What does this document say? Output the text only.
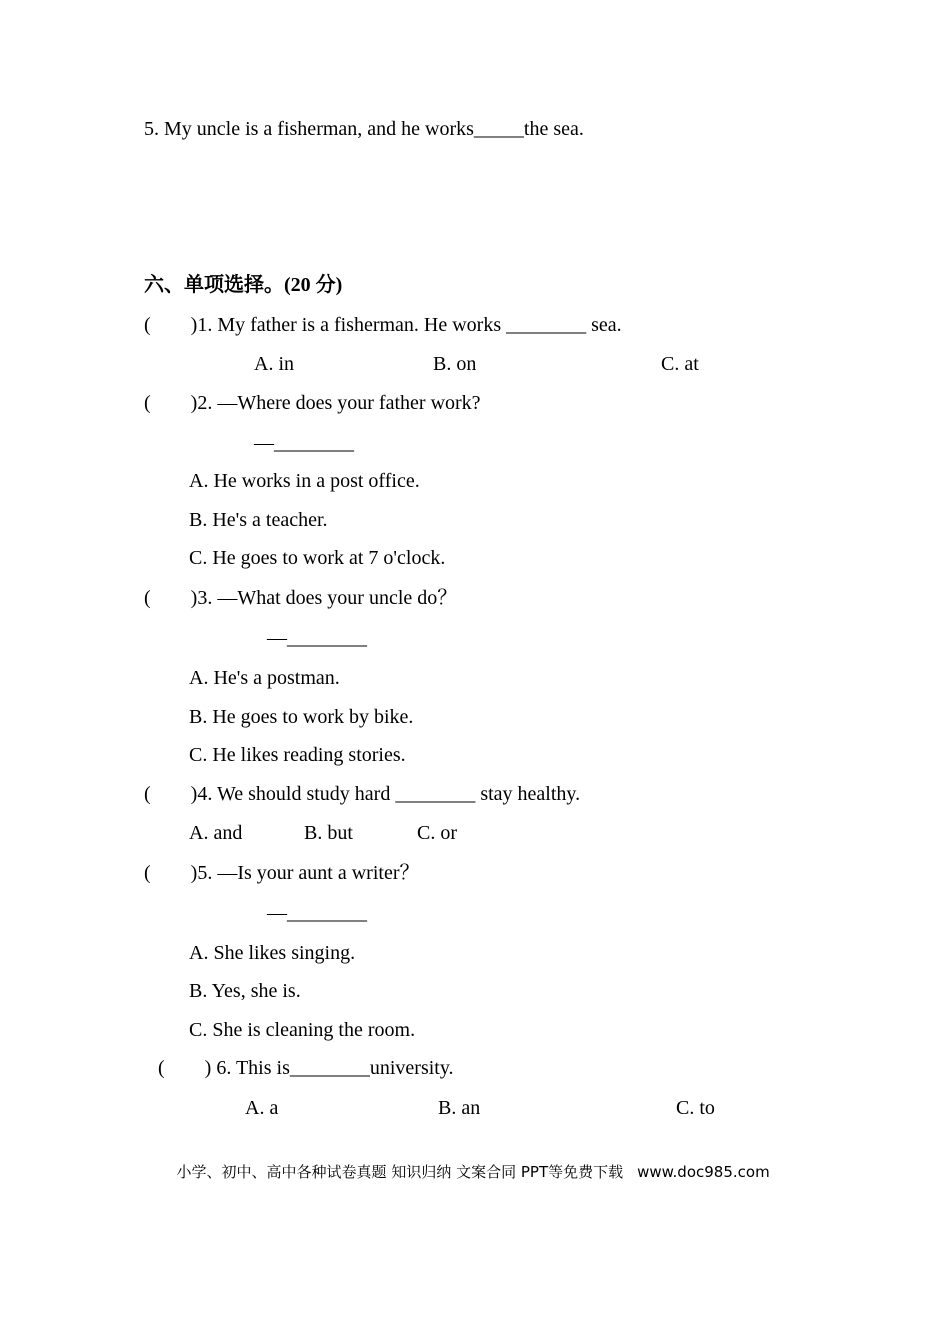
5. My uncle is a fisherman, and he works_____the sea.
六、单项选择。(20 分)
(        )1. My father is a fisherman. He works ________ sea.
A. in	B. on	C. at
(        )2. —Where does your father work?
—________
A. He works in a post office.
B. He's a teacher.
C. He goes to work at 7 o'clock.
(        )3. —What does your uncle do？
—________
A. He's a postman.
B. He goes to work by bike.
C. He likes reading stories.
(        )4. We should study hard ________ stay healthy.
A. and	B. but	C. or
(        )5. —Is your aunt a writer？
—________
A. She likes singing.
B. Yes, she is.
C. She is cleaning the room.
(        ) 6. This is________university.
A. a	B. an	C. to

小学、初中、高中各种试卷真题 知识归纳 文案合同 PPT等免费下载 www.doc985.com
